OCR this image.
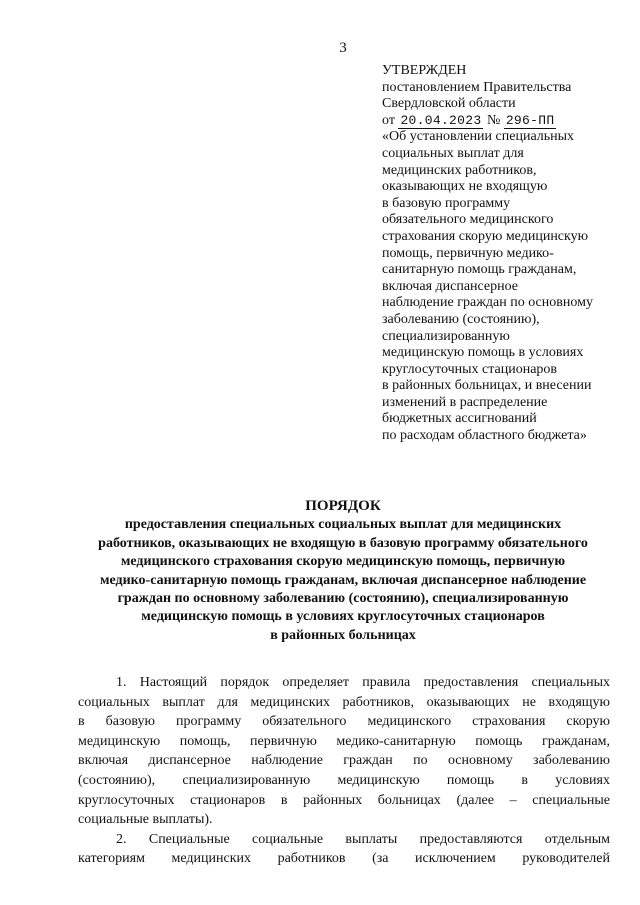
3
УТВЕРЖДЕН
постановлением Правительства
Свердловской области
от 20.04.2023 № 296-ПП
«Об установлении специальных
социальных выплат для
медицинских работников,
оказывающих не входящую
в базовую программу
обязательного медицинского
страхования скорую медицинскую
помощь, первичную медико-
санитарную помощь гражданам,
включая диспансерное
наблюдение граждан по основному
заболеванию (состоянию),
специализированную
медицинскую помощь в условиях
круглосуточных стационаров
в районных больницах, и внесении
изменений в распределение
бюджетных ассигнований
по расходам областного бюджета»
ПОРЯДОК
предоставления специальных социальных выплат для медицинских
работников, оказывающих не входящую в базовую программу обязательного
медицинского страхования скорую медицинскую помощь, первичную
медико-санитарную помощь гражданам, включая диспансерное наблюдение
граждан по основному заболеванию (состоянию), специализированную
медицинскую помощь в условиях круглосуточных стационаров
в районных больницах
1. Настоящий порядок определяет правила предоставления специальных
социальных выплат для медицинских работников, оказывающих не входящую
в базовую программу обязательного медицинского страхования скорую
медицинскую помощь, первичную медико-санитарную помощь гражданам,
включая диспансерное наблюдение граждан по основному заболеванию
(состоянию), специализированную медицинскую помощь в условиях
круглосуточных стационаров в районных больницах (далее – специальные
социальные выплаты).
2. Специальные социальные выплаты предоставляются отдельным
категориям медицинских работников (за исключением руководителей
